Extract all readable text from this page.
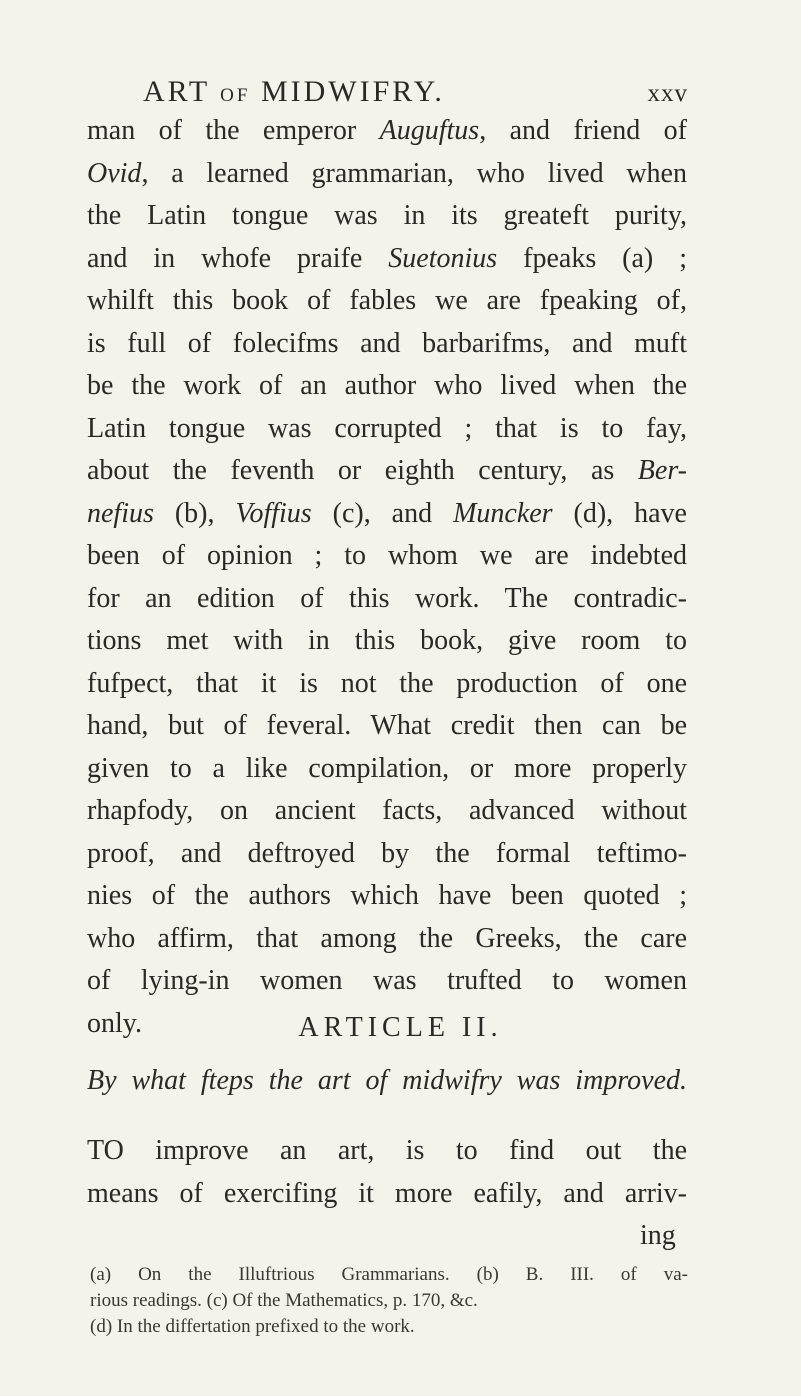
ART OF MIDWIFRY.	xxv
man of the emperor Auguftus, and friend of
Ovid, a learned grammarian, who lived when
the Latin tongue was in its greateft purity,
and in whofe praife Suetonius fpeaks (a) ;
whilft this book of fables we are fpeaking of,
is full of folecifms and barbarifms, and muft
be the work of an author who lived when the
Latin tongue was corrupted ; that is to fay,
about the feventh or eighth century, as Ber-
nefius (b), Voffius (c), and Muncker (d), have
been of opinion ; to whom we are indebted
for an edition of this work. The contradic-
tions met with in this book, give room to
fufpect, that it is not the production of one
hand, but of feveral. What credit then can be
given to a like compilation, or more properly
rhapfody, on ancient facts, advanced without
proof, and deftroyed by the formal teftimo-
nies of the authors which have been quoted ;
who affirm, that among the Greeks, the care
of lying-in women was trufted to women
only.	ARTICLE II.
By what fteps the art of midwifry was improved.
TO improve an art, is to find out the
means of exercifing it more eafily, and arriv-
ing
(a) On the Illuftrious Grammarians. (b) B. III. of va-
rious readings. (c) Of the Mathematics, p. 170, &c.
(d) In the differtation prefixed to the work.
